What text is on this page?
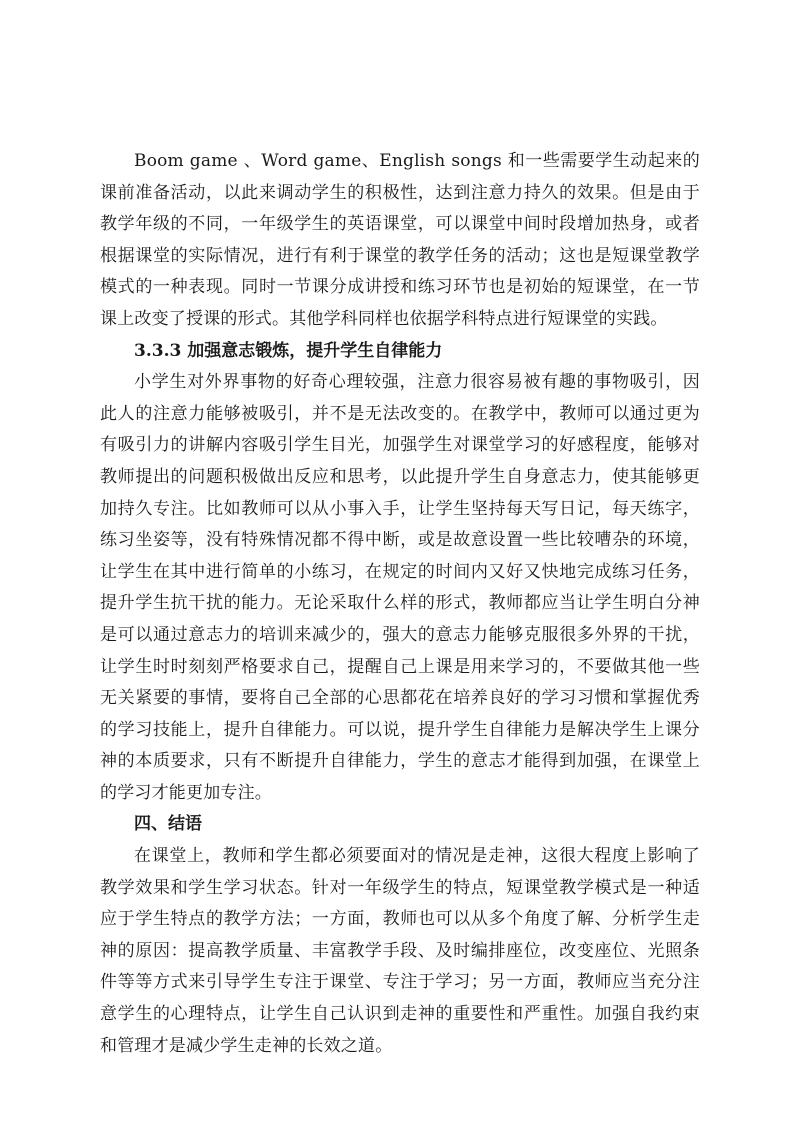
Boom game 、Word game、English songs 和一些需要学生动起来的课前准备活动，以此来调动学生的积极性，达到注意力持久的效果。但是由于教学年级的不同，一年级学生的英语课堂，可以课堂中间时段增加热身，或者根据课堂的实际情况，进行有利于课堂的教学任务的活动；这也是短课堂教学模式的一种表现。同时一节课分成讲授和练习环节也是初始的短课堂，在一节课上改变了授课的形式。其他学科同样也依据学科特点进行短课堂的实践。

3.3.3 加强意志锻炼，提升学生自律能力

小学生对外界事物的好奇心理较强，注意力很容易被有趣的事物吸引，因此人的注意力能够被吸引，并不是无法改变的。在教学中，教师可以通过更为有吸引力的讲解内容吸引学生目光，加强学生对课堂学习的好感程度，能够对教师提出的问题积极做出反应和思考，以此提升学生自身意志力，使其能够更加持久专注。比如教师可以从小事入手，让学生坚持每天写日记，每天练字，练习坐姿等，没有特殊情况都不得中断，或是故意设置一些比较嘈杂的环境，让学生在其中进行简单的小练习，在规定的时间内又好又快地完成练习任务，提升学生抗干扰的能力。无论采取什么样的形式，教师都应当让学生明白分神是可以通过意志力的培训来减少的，强大的意志力能够克服很多外界的干扰，让学生时时刻刻严格要求自己，提醒自己上课是用来学习的，不要做其他一些无关紧要的事情，要将自己全部的心思都花在培养良好的学习习惯和掌握优秀的学习技能上，提升自律能力。可以说，提升学生自律能力是解决学生上课分神的本质要求，只有不断提升自律能力，学生的意志才能得到加强，在课堂上的学习才能更加专注。

四、结语

在课堂上，教师和学生都必须要面对的情况是走神，这很大程度上影响了教学效果和学生学习状态。针对一年级学生的特点，短课堂教学模式是一种适应于学生特点的教学方法；一方面，教师也可以从多个角度了解、分析学生走神的原因：提高教学质量、丰富教学手段、及时编排座位，改变座位、光照条件等等方式来引导学生专注于课堂、专注于学习；另一方面，教师应当充分注意学生的心理特点，让学生自己认识到走神的重要性和严重性。加强自我约束和管理才是减少学生走神的长效之道。
